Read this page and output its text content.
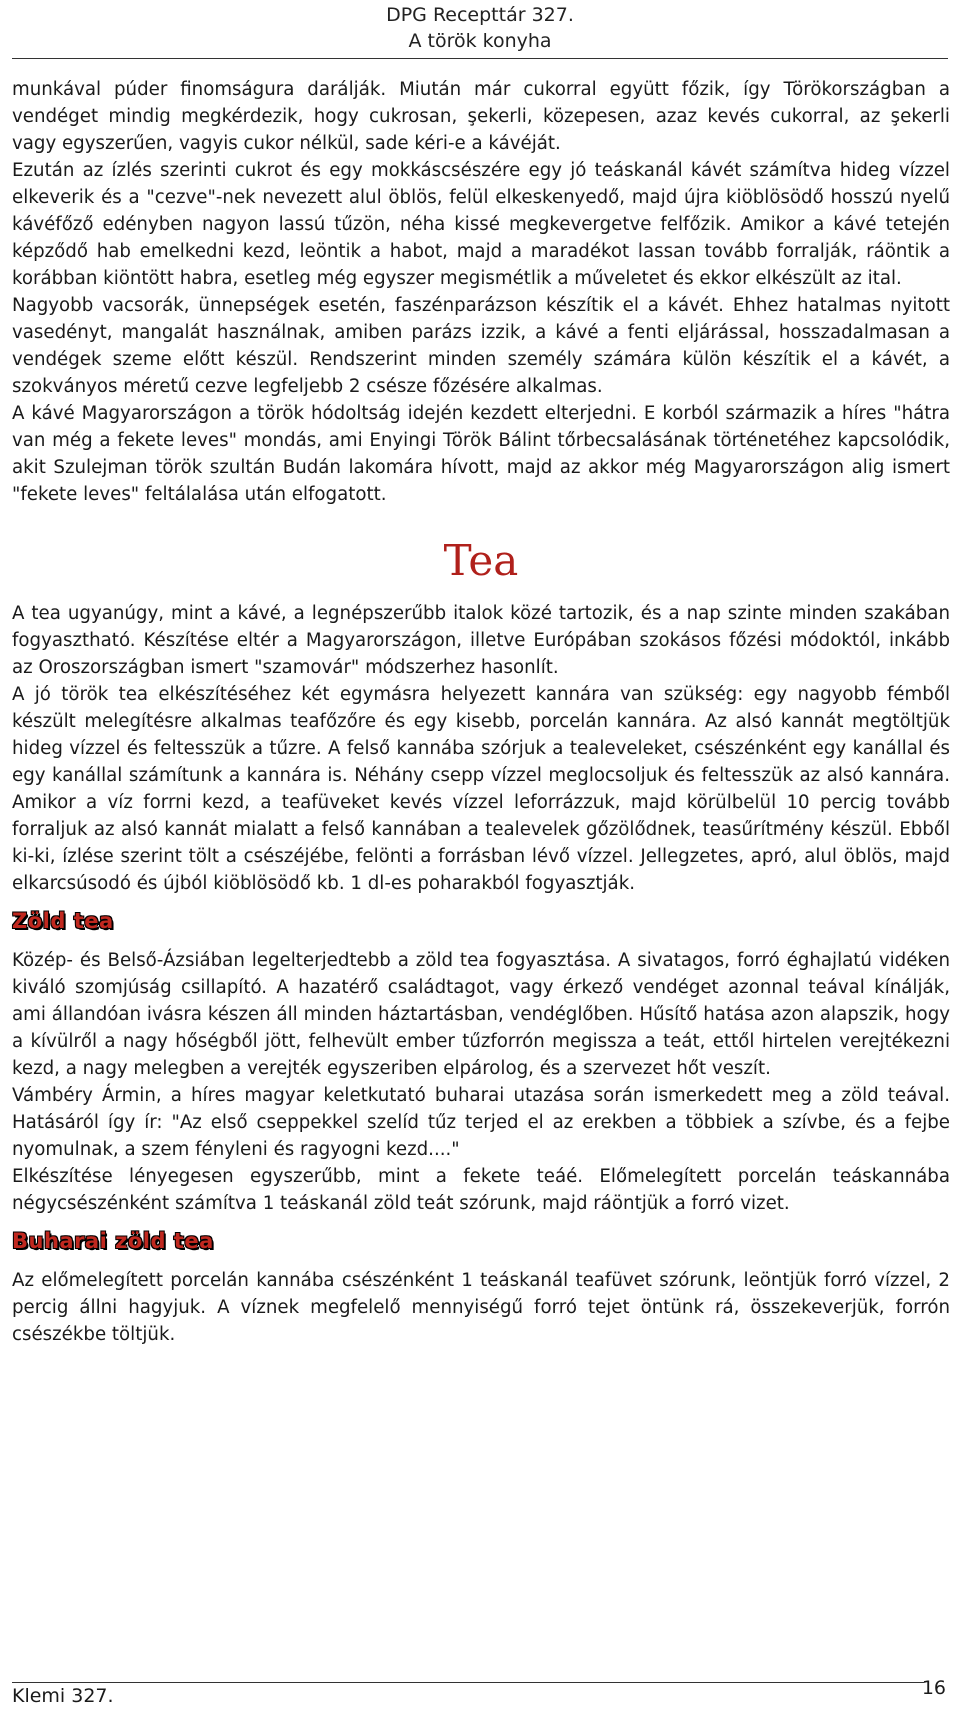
DPG Recepttár 327.
A török konyha

munkával púder finomságura darálják. Miután már cukorral együtt főzik, így Törökországban a vendéget mindig megkérdezik, hogy cukrosan, şekerli, közepesen, azaz kevés cukorral, az şekerli vagy egyszerűen, vagyis cukor nélkül, sade kéri-e a kávéját.

Ezután az ízlés szerinti cukrot és egy mokkáscsészére egy jó teáskanál kávét számítva hideg vízzel elkeverik és a "cezve"-nek nevezett alul öblös, felül elkeskenyedő, majd újra kiöblösödő hosszú nyelű kávéfőző edényben nagyon lassú tűzön, néha kissé megkevergetve felfőzik. Amikor a kávé tetején képződő hab emelkedni kezd, leöntik a habot, majd a maradékot lassan tovább forralják, ráöntik a korábban kiöntött habra, esetleg még egyszer megismétlik a műveletet és ekkor elkészült az ital.

Nagyobb vacsorák, ünnepségek esetén, faszénparázson készítik el a kávét. Ehhez hatalmas nyitott vasedényt, mangalát használnak, amiben parázs izzik, a kávé a fenti eljárással, hosszadalmasan a vendégek szeme előtt készül. Rendszerint minden személy számára külön készítik el a kávét, a szokványos méretű cezve legfeljebb 2 csésze főzésére alkalmas.

A kávé Magyarországon a török hódoltság idején kezdett elterjedni. E korból származik a híres "hátra van még a fekete leves" mondás, ami Enyingi Török Bálint tőrbecsalásának történetéhez kapcsolódik, akit Szulejman török szultán Budán lakomára hívott, majd az akkor még Magyarországon alig ismert "fekete leves" feltálalása után elfogatott.

Tea

A tea ugyanúgy, mint a kávé, a legnépszerűbb italok közé tartozik, és a nap szinte minden szakában fogyasztható. Készítése eltér a Magyarországon, illetve Európában szokásos főzési módoktól, inkább az Oroszországban ismert "szamovár" módszerhez hasonlít.

A jó török tea elkészítéséhez két egymásra helyezett kannára van szükség: egy nagyobb fémből készült melegítésre alkalmas teafőzőre és egy kisebb, porcelán kannára. Az alsó kannát megtöltjük hideg vízzel és feltesszük a tűzre. A felső kannába szórjuk a tealeveleket, csészénként egy kanállal és egy kanállal számítunk a kannára is. Néhány csepp vízzel meglocsoljuk és feltesszük az alsó kannára. Amikor a víz forrni kezd, a teafüveket kevés vízzel leforrázzuk, majd körülbelül 10 percig tovább forraljuk az alsó kannát mialatt a felső kannában a tealevelek gőzölődnek, teasűrítmény készül. Ebből ki-ki, ízlése szerint tölt a csészéjébe, felönti a forrásban lévő vízzel. Jellegzetes, apró, alul öblös, majd elkarcsúsodó és újból kiöblösödő kb. 1 dl-es poharakból fogyasztják.

Zöld tea

Közép- és Belső-Ázsiában legelterjedtebb a zöld tea fogyasztása. A sivatagos, forró éghajlatú vidéken kiváló szomjúság csillapító. A hazatérő családtagot, vagy érkező vendéget azonnal teával kínálják, ami állandóan ivásra készen áll minden háztartásban, vendéglőben. Hűsítő hatása azon alapszik, hogy a kívülről a nagy hőségből jött, felhevült ember tűzforrón megissza a teát, ettől hirtelen verejtékezni kezd, a nagy melegben a verejték egyszeriben elpárolog, és a szervezet hőt veszít.

Vámbéry Ármin, a híres magyar keletkutató buharai utazása során ismerkedett meg a zöld teával. Hatásáról így ír: "Az első cseppekkel szelíd tűz terjed el az erekben a többiek a szívbe, és a fejbe nyomulnak, a szem fényleni és ragyogni kezd...."

Elkészítése lényegesen egyszerűbb, mint a fekete teáé. Előmelegített porcelán teáskannába négycsészénként számítva 1 teáskanál zöld teát szórunk, majd ráöntjük a forró vizet.

Buharai zöld tea

Az előmelegített porcelán kannába csészénként 1 teáskanál teafüvet szórunk, leöntjük forró vízzel, 2 percig állni hagyjuk. A víznek megfelelő mennyiségű forró tejet öntünk rá, összekeverjük, forrón csészékbe töltjük.

Klemi 327.	16
